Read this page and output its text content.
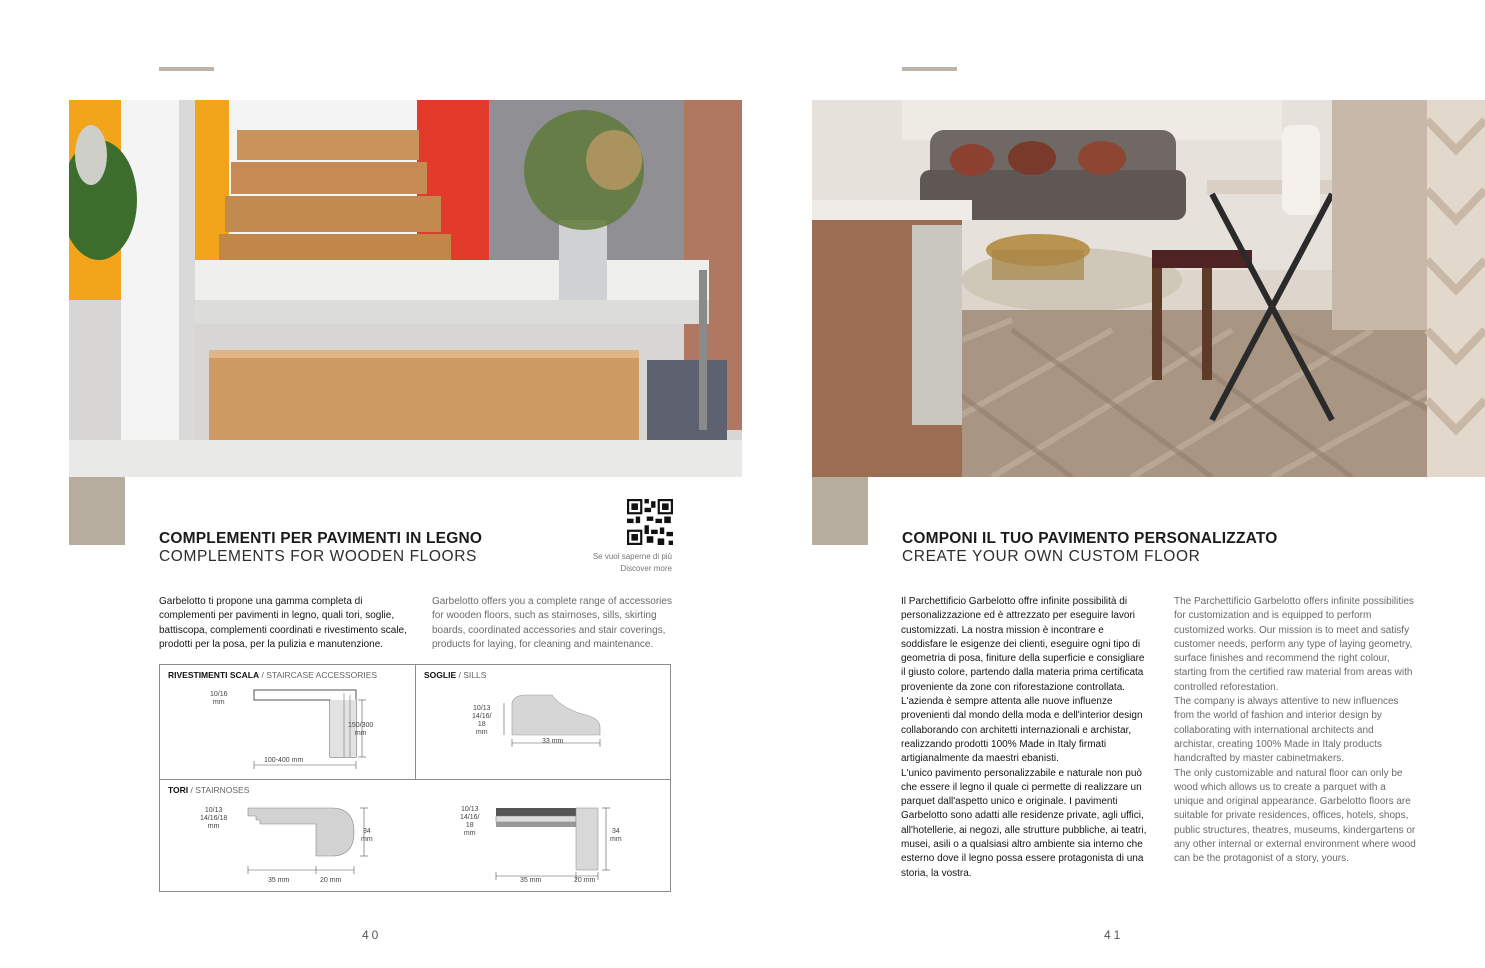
COMPLEMENTI PER PAVIMENTI IN LEGNO
COMPLEMENTS FOR WOODEN FLOORS	Se vuoi saperne di più
Discover more
Garbelotto ti propone una gamma completa di complementi per pavimenti in legno, quali tori, soglie, battiscopa, complementi coordinati e rivestimento scale, prodotti per la posa, per la pulizia e manutenzione.
Garbelotto offers you a complete range of accessories for wooden floors, such as stairnoses, sills, skirting boards, coordinated accessories and stair coverings, products for laying, for cleaning and maintenance.
RIVESTIMENTI SCALA / STAIRCASE ACCESSORIES
10/16
mm
150/300
mm
100-400 mm
SOGLIE / SILLS
10/13
14/16/
18
mm
33 mm
TORI / STAIRNOSES
10/13
14/16/18
mm
34
mm
35 mm	20 mm
10/13
14/16/
18
mm	34
mm
35 mm	20 mm
40
COMPONI IL TUO PAVIMENTO PERSONALIZZATO
CREATE YOUR OWN CUSTOM FLOOR
Il Parchettificio Garbelotto offre infinite possibilità di personalizzazione ed è attrezzato per eseguire lavori customizzati. La nostra mission è incontrare e soddisfare le esigenze dei clienti, eseguire ogni tipo di geometria di posa, finiture della superficie e consigliare il giusto colore, partendo dalla materia prima certificata proveniente da zone con riforestazione controllata.
L'azienda è sempre attenta alle nuove influenze provenienti dal mondo della moda e dell'interior design collaborando con architetti internazionali e archistar, realizzando prodotti 100% Made in Italy firmati artigianalmente da maestri ebanisti.
L'unico pavimento personalizzabile e naturale non può che essere il legno il quale ci permette di realizzare un parquet dall'aspetto unico e originale. I pavimenti Garbelotto sono adatti alle residenze private, agli uffici, all'hotellerie, ai negozi, alle strutture pubbliche, ai teatri, musei, asili o a qualsiasi altro ambiente sia interno che esterno dove il legno possa essere protagonista di una storia, la vostra.
The Parchettificio Garbelotto offers infinite possibilities for customization and is equipped to perform customized works. Our mission is to meet and satisfy customer needs, perform any type of laying geometry, surface finishes and recommend the right colour, starting from the certified raw material from areas with controlled reforestation.
The company is always attentive to new influences from the world of fashion and interior design by collaborating with international architects and archistar, creating 100% Made in Italy products handcrafted by master cabinetmakers.
The only customizable and natural floor can only be wood which allows us to create a parquet with a unique and original appearance. Garbelotto floors are suitable for private residences, offices, hotels, shops, public structures, theatres, museums, kindergartens or any other internal or external environment where wood can be the protagonist of a story, yours.
41
